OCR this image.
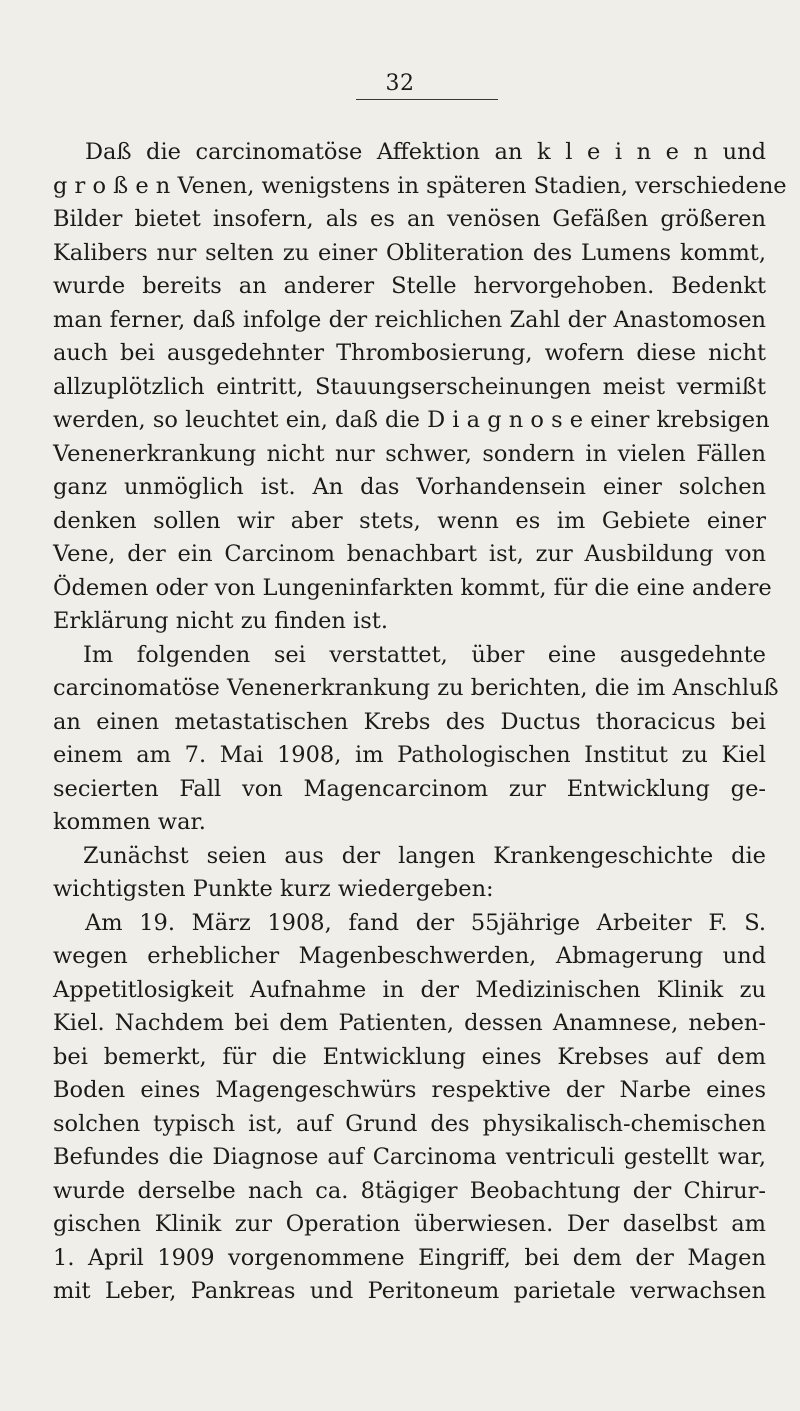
32
Daß die carcinomatöse Affektion an k l e i n e n und
g r o ß e n Venen, wenigstens in späteren Stadien, verschiedene
Bilder bietet insofern, als es an venösen Gefäßen größeren
Kalibers nur selten zu einer Obliteration des Lumens kommt,
wurde bereits an anderer Stelle hervorgehoben. Bedenkt
man ferner, daß infolge der reichlichen Zahl der Anastomosen
auch bei ausgedehnter Thrombosierung, wofern diese nicht
allzuplötzlich eintritt, Stauungserscheinungen meist vermißt
werden, so leuchtet ein, daß die D i a g n o s e einer krebsigen
Venenerkrankung nicht nur schwer, sondern in vielen Fällen
ganz unmöglich ist. An das Vorhandensein einer solchen
denken sollen wir aber stets, wenn es im Gebiete einer
Vene, der ein Carcinom benachbart ist, zur Ausbildung von
Ödemen oder von Lungeninfarkten kommt, für die eine andere
Erklärung nicht zu finden ist.
Im folgenden sei verstattet, über eine ausgedehnte
carcinomatöse Venenerkrankung zu berichten, die im Anschluß
an einen metastatischen Krebs des Ductus thoracicus bei
einem am 7. Mai 1908, im Pathologischen Institut zu Kiel
secierten Fall von Magencarcinom zur Entwicklung ge-
kommen war.
Zunächst seien aus der langen Krankengeschichte die
wichtigsten Punkte kurz wiedergeben:
Am 19. März 1908, fand der 55jährige Arbeiter F. S.
wegen erheblicher Magenbeschwerden, Abmagerung und
Appetitlosigkeit Aufnahme in der Medizinischen Klinik zu
Kiel. Nachdem bei dem Patienten, dessen Anamnese, neben-
bei bemerkt, für die Entwicklung eines Krebses auf dem
Boden eines Magengeschwürs respektive der Narbe eines
solchen typisch ist, auf Grund des physikalisch-chemischen
Befundes die Diagnose auf Carcinoma ventriculi gestellt war,
wurde derselbe nach ca. 8tägiger Beobachtung der Chirur-
gischen Klinik zur Operation überwiesen. Der daselbst am
1. April 1909 vorgenommene Eingriff, bei dem der Magen
mit Leber, Pankreas und Peritoneum parietale verwachsen
